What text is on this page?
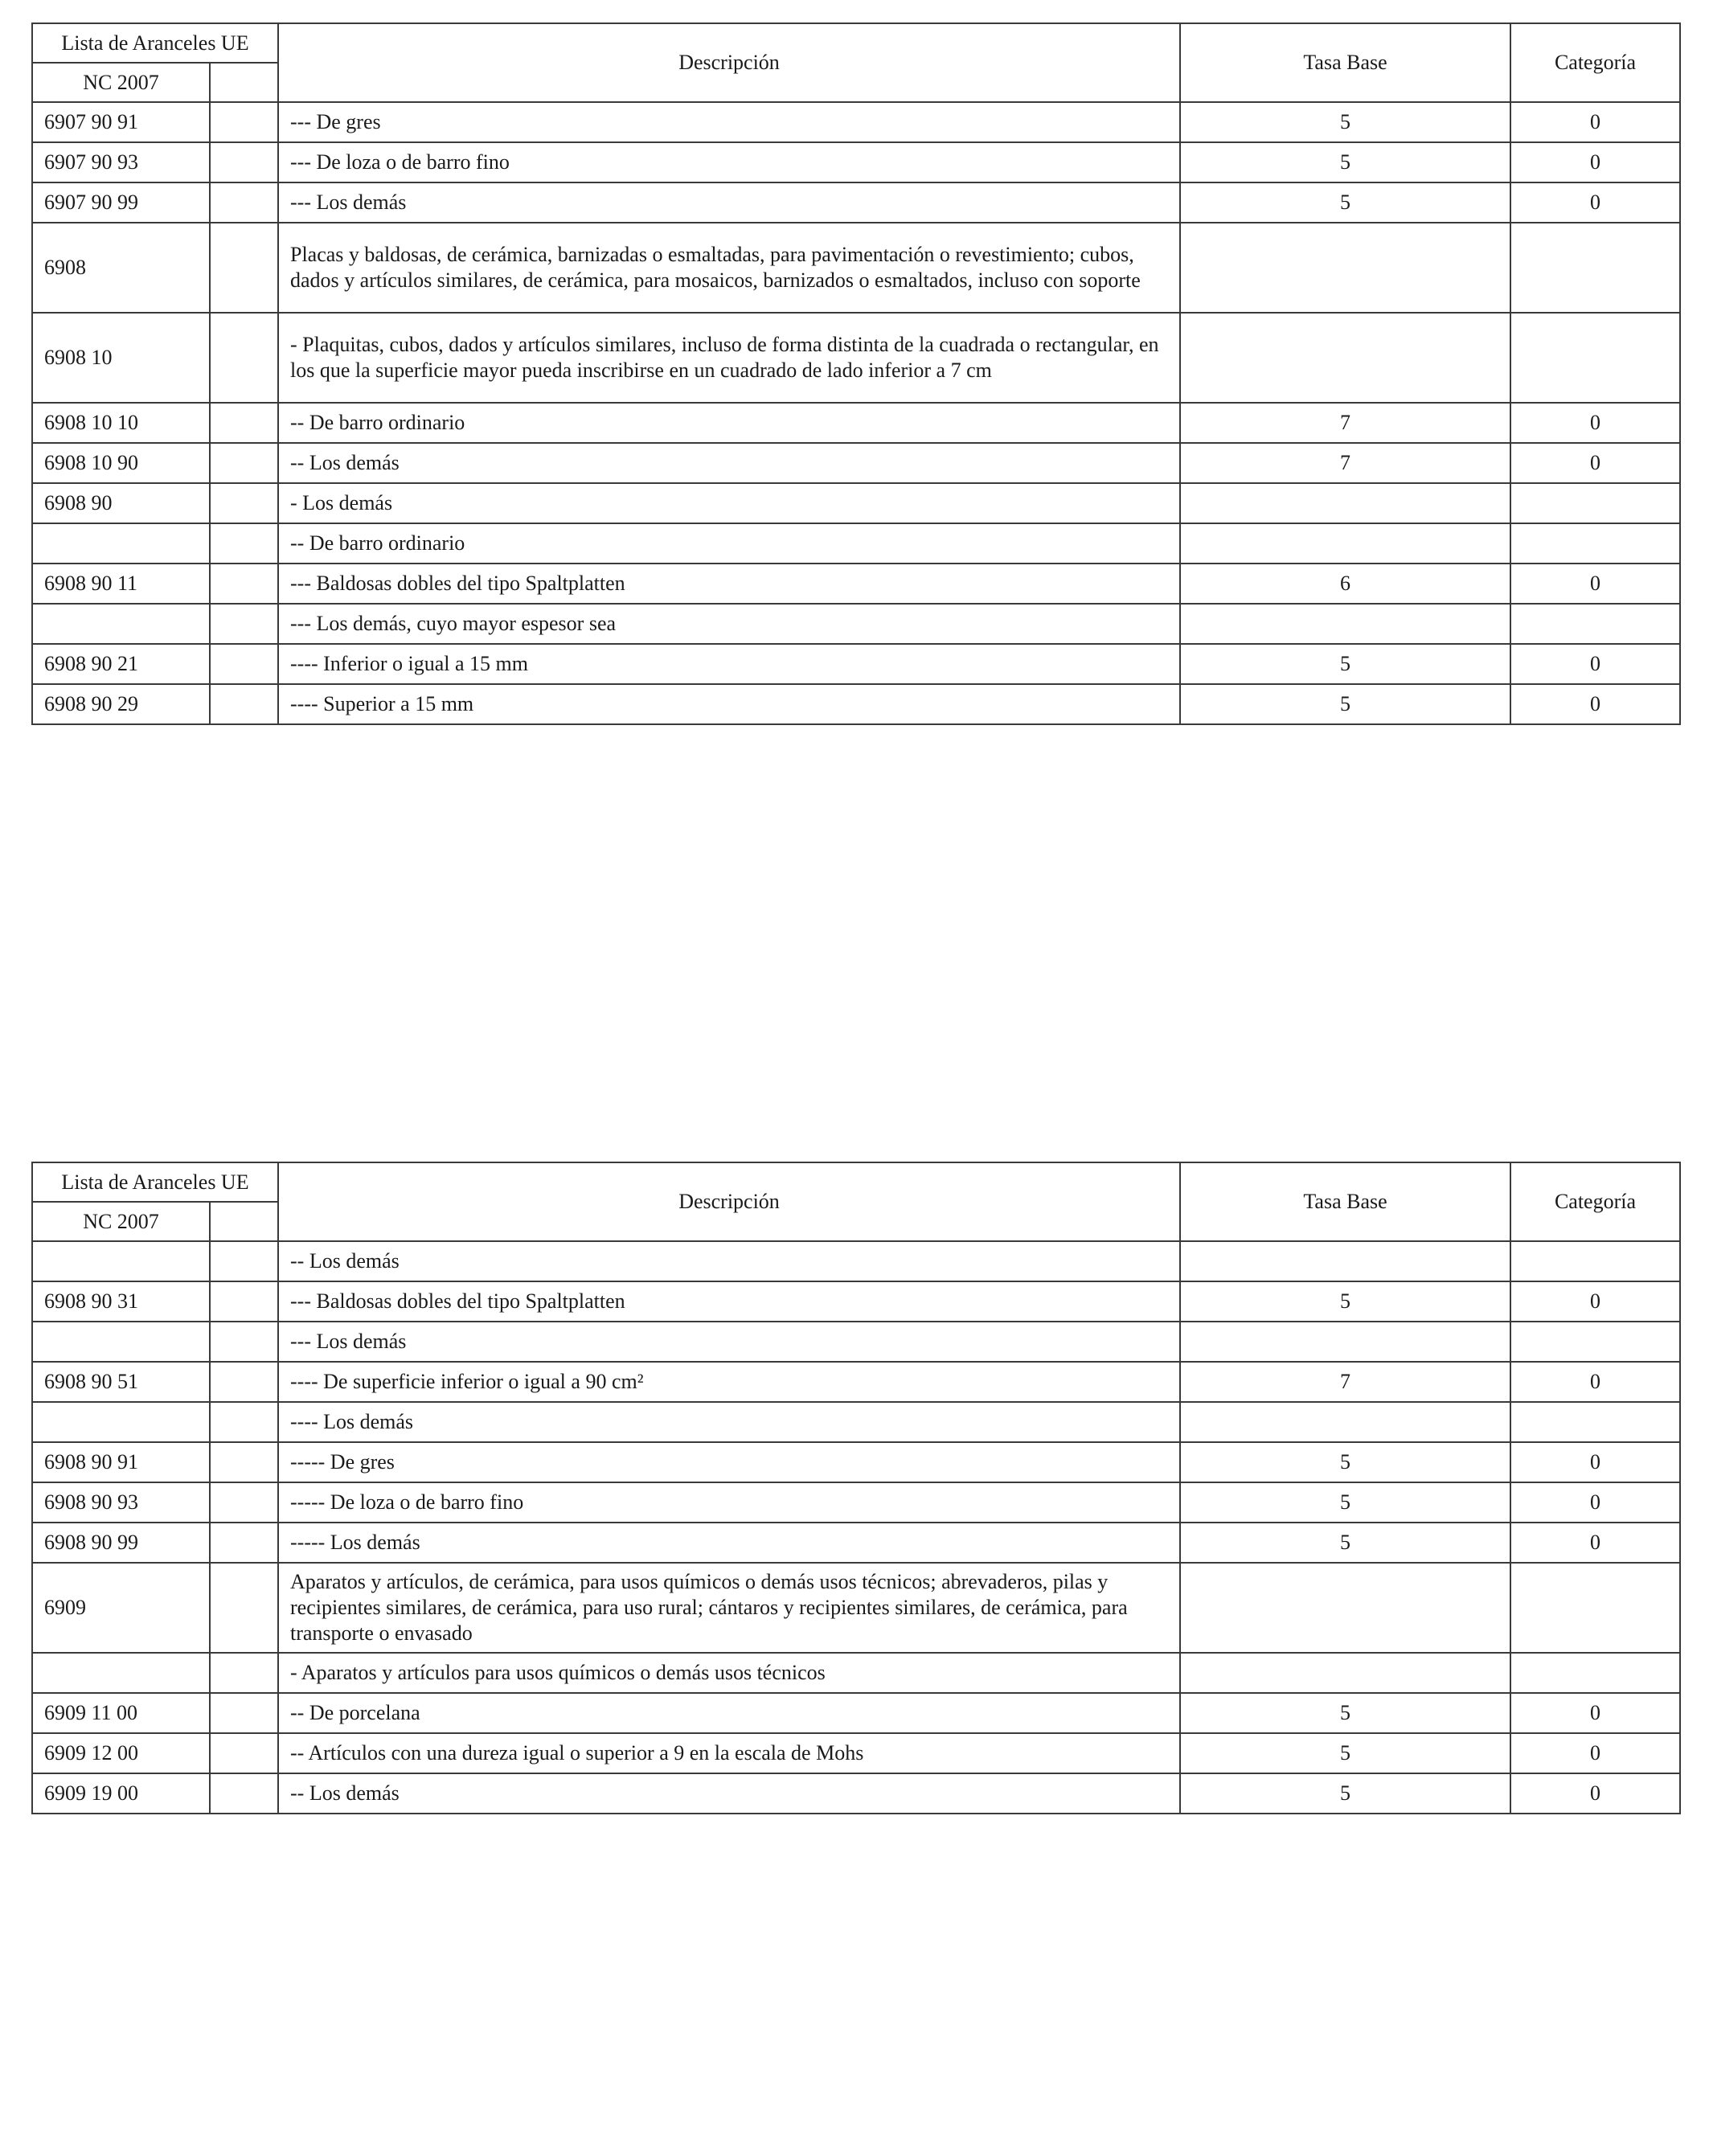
Lista de Aranceles UE		Descripción	Tasa Base	Categoría
NC 2007				
6907 90 91		--- De gres	5	0
6907 90 93		--- De loza o de barro fino	5	0
6907 90 99		--- Los demás	5	0
6908		Placas y baldosas, de cerámica, barnizadas o esmaltadas, para pavimentación o revestimiento; cubos, dados y artículos similares, de cerámica, para mosaicos, barnizados o esmaltados, incluso con soporte		
6908 10		- Plaquitas, cubos, dados y artículos similares, incluso de forma distinta de la cuadrada o rectangular, en los que la superficie mayor pueda inscribirse en un cuadrado de lado inferior a 7 cm		
6908 10 10		-- De barro ordinario	7	0
6908 10 90		-- Los demás	7	0
6908 90		- Los demás		
		-- De barro ordinario		
6908 90 11		--- Baldosas dobles del tipo Spaltplatten	6	0
		--- Los demás, cuyo mayor espesor sea		
6908 90 21		---- Inferior o igual a 15 mm	5	0
6908 90 29		---- Superior a 15 mm	5	0
Lista de Aranceles UE		Descripción	Tasa Base	Categoría
NC 2007				
		-- Los demás		
6908 90 31		--- Baldosas dobles del tipo Spaltplatten	5	0
		--- Los demás		
6908 90 51		---- De superficie inferior o igual a 90 cm²	7	0
		---- Los demás		
6908 90 91		----- De gres	5	0
6908 90 93		----- De loza o de barro fino	5	0
6908 90 99		----- Los demás	5	0
6909		Aparatos y artículos, de cerámica, para usos químicos o demás usos técnicos; abrevaderos, pilas y recipientes similares, de cerámica, para uso rural; cántaros y recipientes similares, de cerámica, para transporte o envasado		
		- Aparatos y artículos para usos químicos o demás usos técnicos		
6909 11 00		-- De porcelana	5	0
6909 12 00		-- Artículos con una dureza igual o superior a 9 en la escala de Mohs	5	0
6909 19 00		-- Los demás	5	0
